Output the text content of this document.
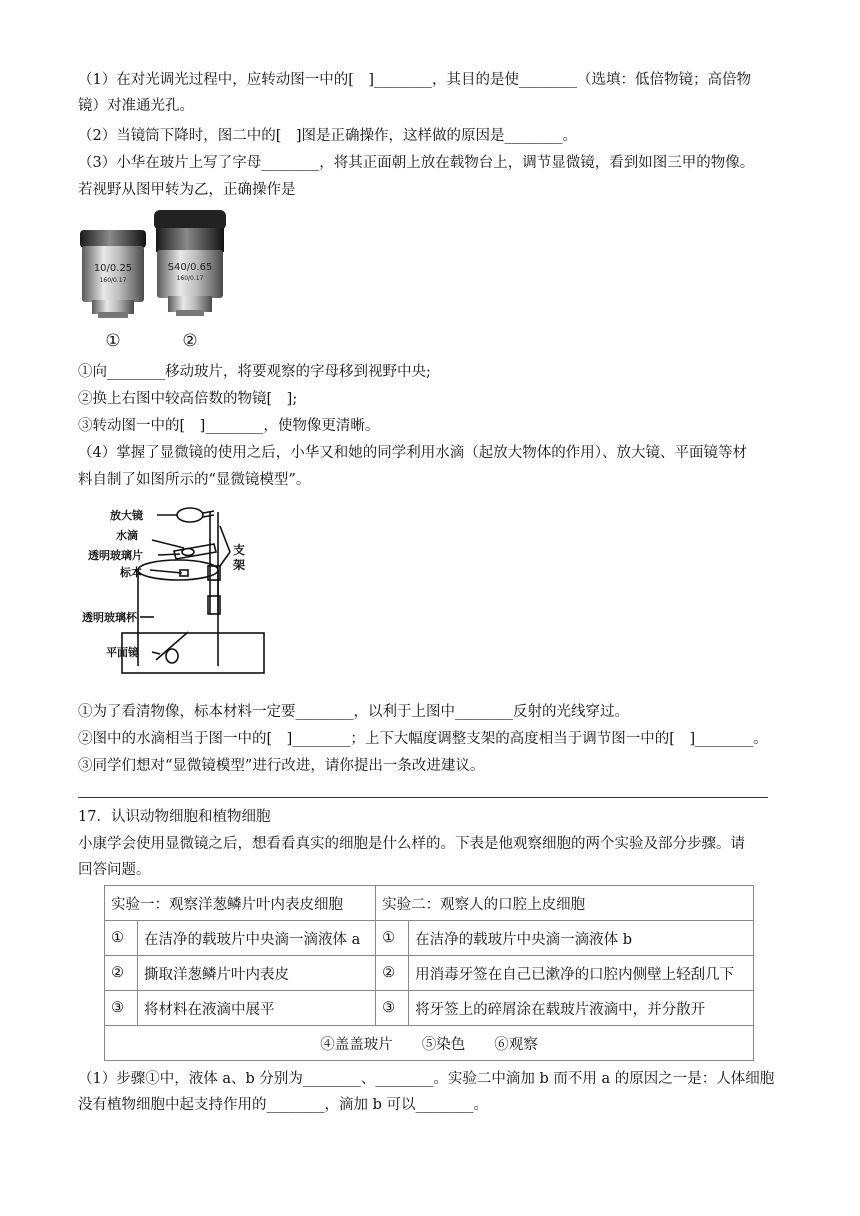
（1）在对光调光过程中，应转动图一中的[　]________，其目的是使________（选填：低倍物镜；高倍物
镜）对准通光孔。
（2）当镜筒下降时，图二中的[　]图是正确操作，这样做的原因是________。
（3）小华在玻片上写了字母________，将其正面朝上放在载物台上，调节显微镜，看到如图三甲的物像。
若视野从图甲转为乙，正确操作是
10/0.25
160/0.17
S40/0.65
160/0.17
①	②
①向________移动玻片，将要观察的字母移到视野中央;
②换上右图中较高倍数的物镜[　];
③转动图一中的[　]________，使物像更清晰。
（4）掌握了显微镜的使用之后，小华又和她的同学利用水滴（起放大物体的作用）、放大镜、平面镜等材
料自制了如图所示的“显微镜模型”。
放大镜
水滴
透明玻璃片
标本
透明玻璃杯
平面镜
支
架
①为了看清物像，标本材料一定要________，以利于上图中________反射的光线穿过。
②图中的水滴相当于图一中的[　]________；上下大幅度调整支架的高度相当于调节图一中的[　]________。
③同学们想对“显微镜模型”进行改进，请你提出一条改进建议。
17．认识动物细胞和植物细胞
小康学会使用显微镜之后，想看看真实的细胞是什么样的。下表是他观察细胞的两个实验及部分步骤。请
回答问题。
实验一：观察洋葱鳞片叶内表皮细胞		实验二：观察人的口腔上皮细胞	
①	在洁净的载玻片中央滴一滴液体 a	①	在洁净的载玻片中央滴一滴液体 b
②	撕取洋葱鳞片叶内表皮	②	用消毒牙签在自己已漱净的口腔内侧壁上轻刮几下
③	将材料在液滴中展平	③	将牙签上的碎屑涂在载玻片液滴中，并分散开
④盖盖玻片　　⑤染色　　⑥观察			
（1）步骤①中，液体 a、b 分别为________、________。实验二中滴加 b 而不用 a 的原因之一是：人体细胞
没有植物细胞中起支持作用的________，滴加 b 可以________。
